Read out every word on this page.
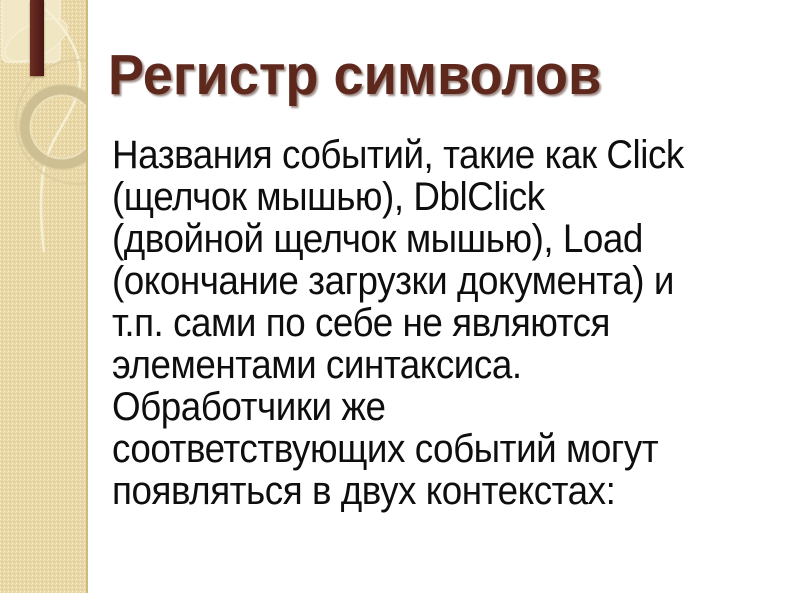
Регистр символов
Названия событий, такие как Click
(щелчок мышью), DblClick
(двойной щелчок мышью), Load
(окончание загрузки документа) и
т.п. сами по себе не являются
элементами синтаксиса.
Обработчики же
соответствующих событий могут
появляться в двух контекстах:
